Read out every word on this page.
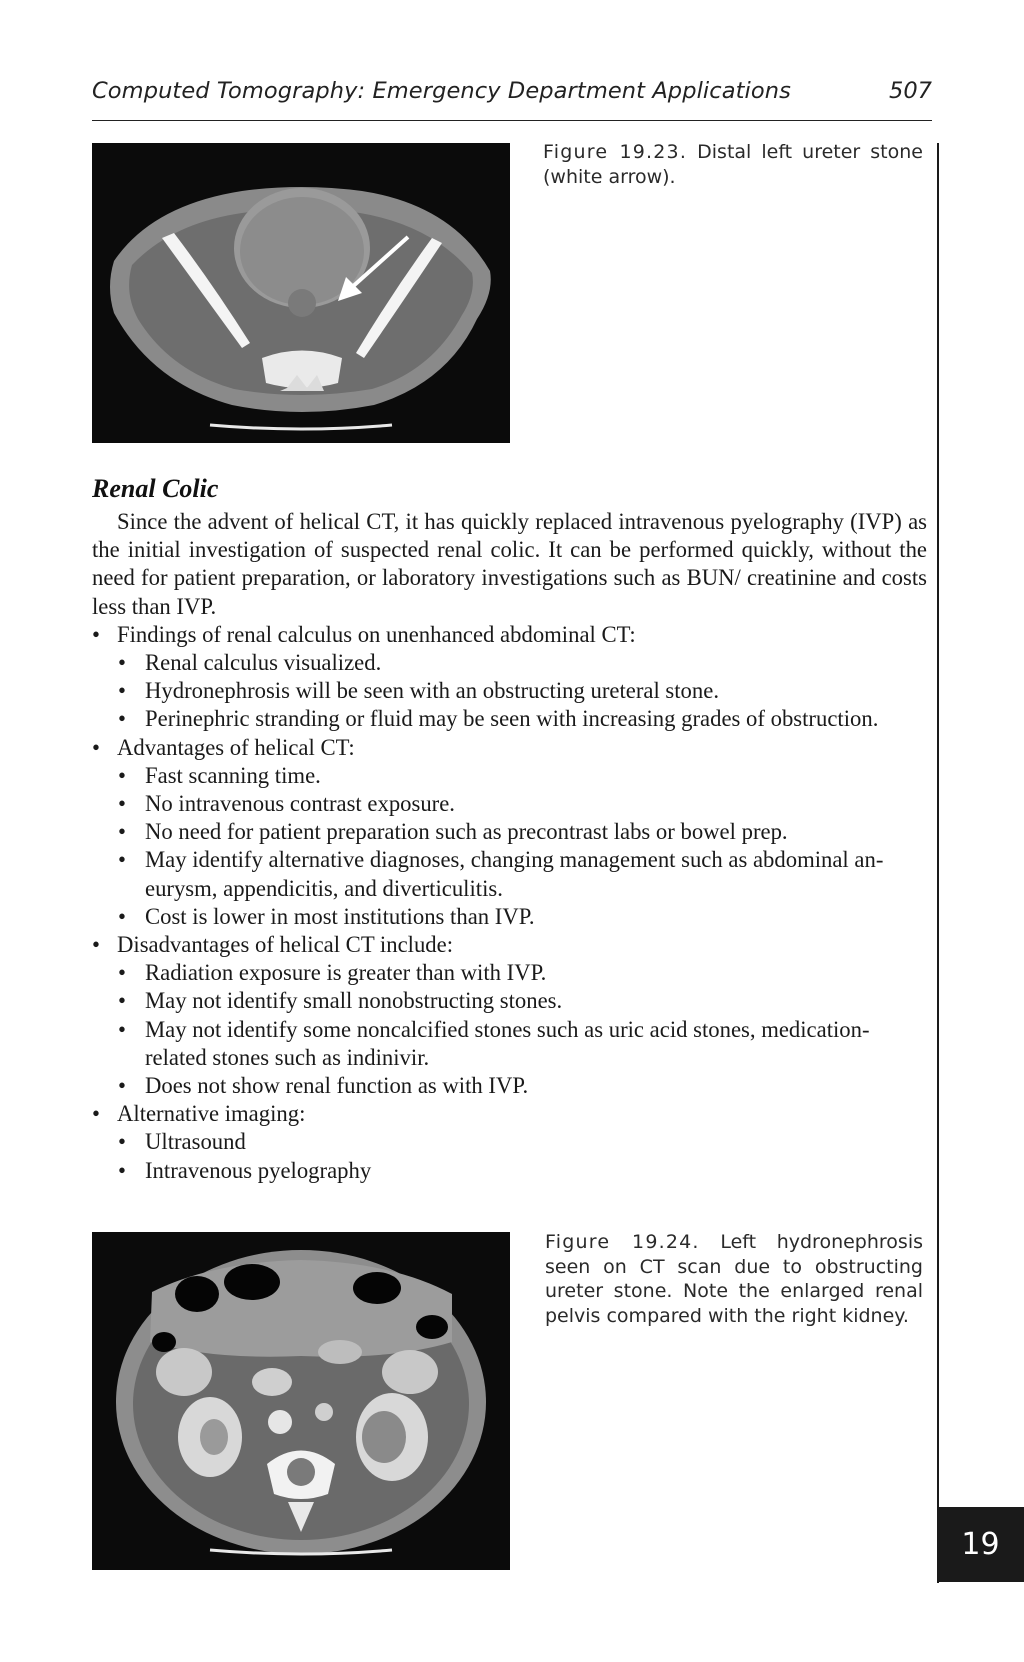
Computed Tomography: Emergency Department Applications	507
19
Figure 19.23. Distal left ureter stone (white arrow).
Renal Colic

Since the advent of helical CT, it has quickly replaced intravenous pyelography (IVP) as the initial investigation of suspected renal colic. It can be performed quickly, without the need for patient preparation, or laboratory investigations such as BUN/ creatinine and costs less than IVP.

• Findings of renal calculus on unenhanced abdominal CT:
• Renal calculus visualized.
• Hydronephrosis will be seen with an obstructing ureteral stone.
• Perinephric stranding or fluid may be seen with increasing grades of obstruction.
• Advantages of helical CT:
• Fast scanning time.
• No intravenous contrast exposure.
• No need for patient preparation such as precontrast labs or bowel prep.
• May identify alternative diagnoses, changing management such as abdominal an-eurysm, appendicitis, and diverticulitis.
• Cost is lower in most institutions than IVP.
• Disadvantages of helical CT include:
• Radiation exposure is greater than with IVP.
• May not identify small nonobstructing stones.
• May not identify some noncalcified stones such as uric acid stones, medication-related stones such as indinivir.
• Does not show renal function as with IVP.
• Alternative imaging:
• Ultrasound
• Intravenous pyelography
Figure 19.24. Left hydronephrosis seen on CT scan due to obstructing ureter stone. Note the enlarged renal pelvis compared with the right kidney.
